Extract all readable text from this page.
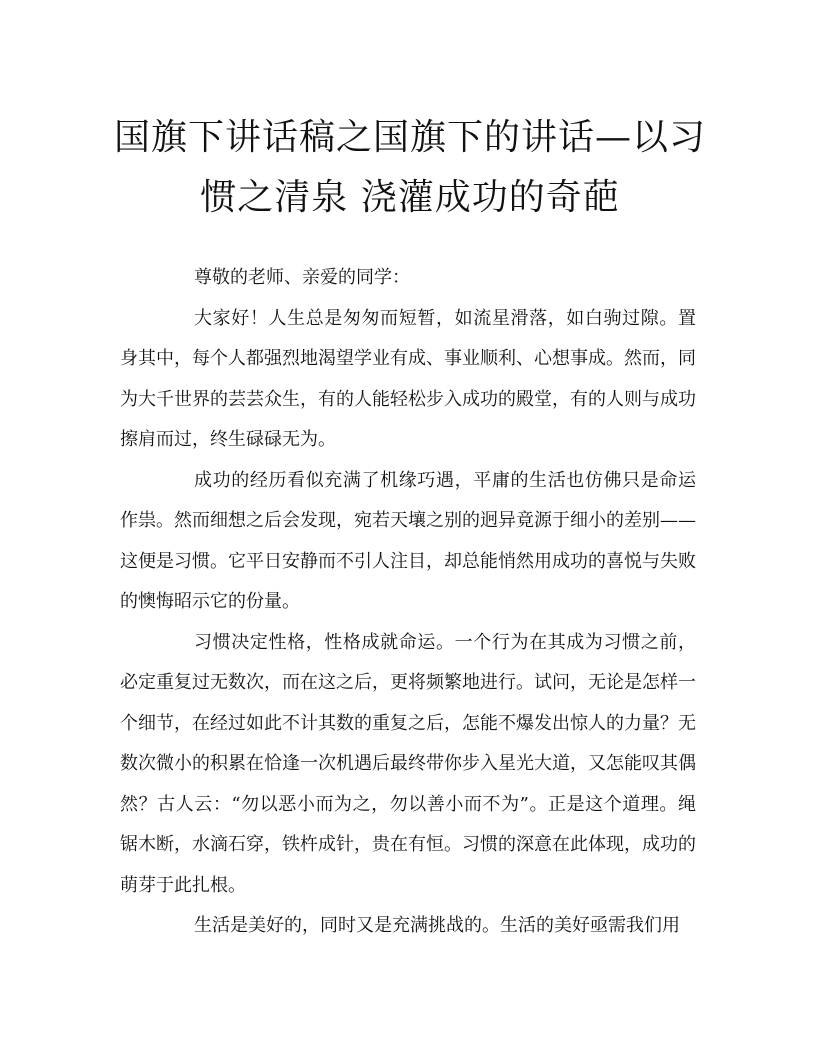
国旗下讲话稿之国旗下的讲话—以习
惯之清泉 浇灌成功的奇葩

尊敬的老师、亲爱的同学：

大家好！人生总是匆匆而短暂，如流星滑落，如白驹过隙。置身其中，每个人都强烈地渴望学业有成、事业顺利、心想事成。然而，同为大千世界的芸芸众生，有的人能轻松步入成功的殿堂，有的人则与成功擦肩而过，终生碌碌无为。

成功的经历看似充满了机缘巧遇，平庸的生活也仿佛只是命运作祟。然而细想之后会发现，宛若天壤之别的迥异竟源于细小的差别——这便是习惯。它平日安静而不引人注目，却总能悄然用成功的喜悦与失败的懊悔昭示它的份量。

习惯决定性格，性格成就命运。一个行为在其成为习惯之前，必定重复过无数次，而在这之后，更将频繁地进行。试问，无论是怎样一个细节，在经过如此不计其数的重复之后，怎能不爆发出惊人的力量？无数次微小的积累在恰逢一次机遇后最终带你步入星光大道，又怎能叹其偶然？古人云：“勿以恶小而为之，勿以善小而不为”。正是这个道理。绳锯木断，水滴石穿，铁杵成针，贵在有恒。习惯的深意在此体现，成功的萌芽于此扎根。

生活是美好的，同时又是充满挑战的。生活的美好亟需我们用
